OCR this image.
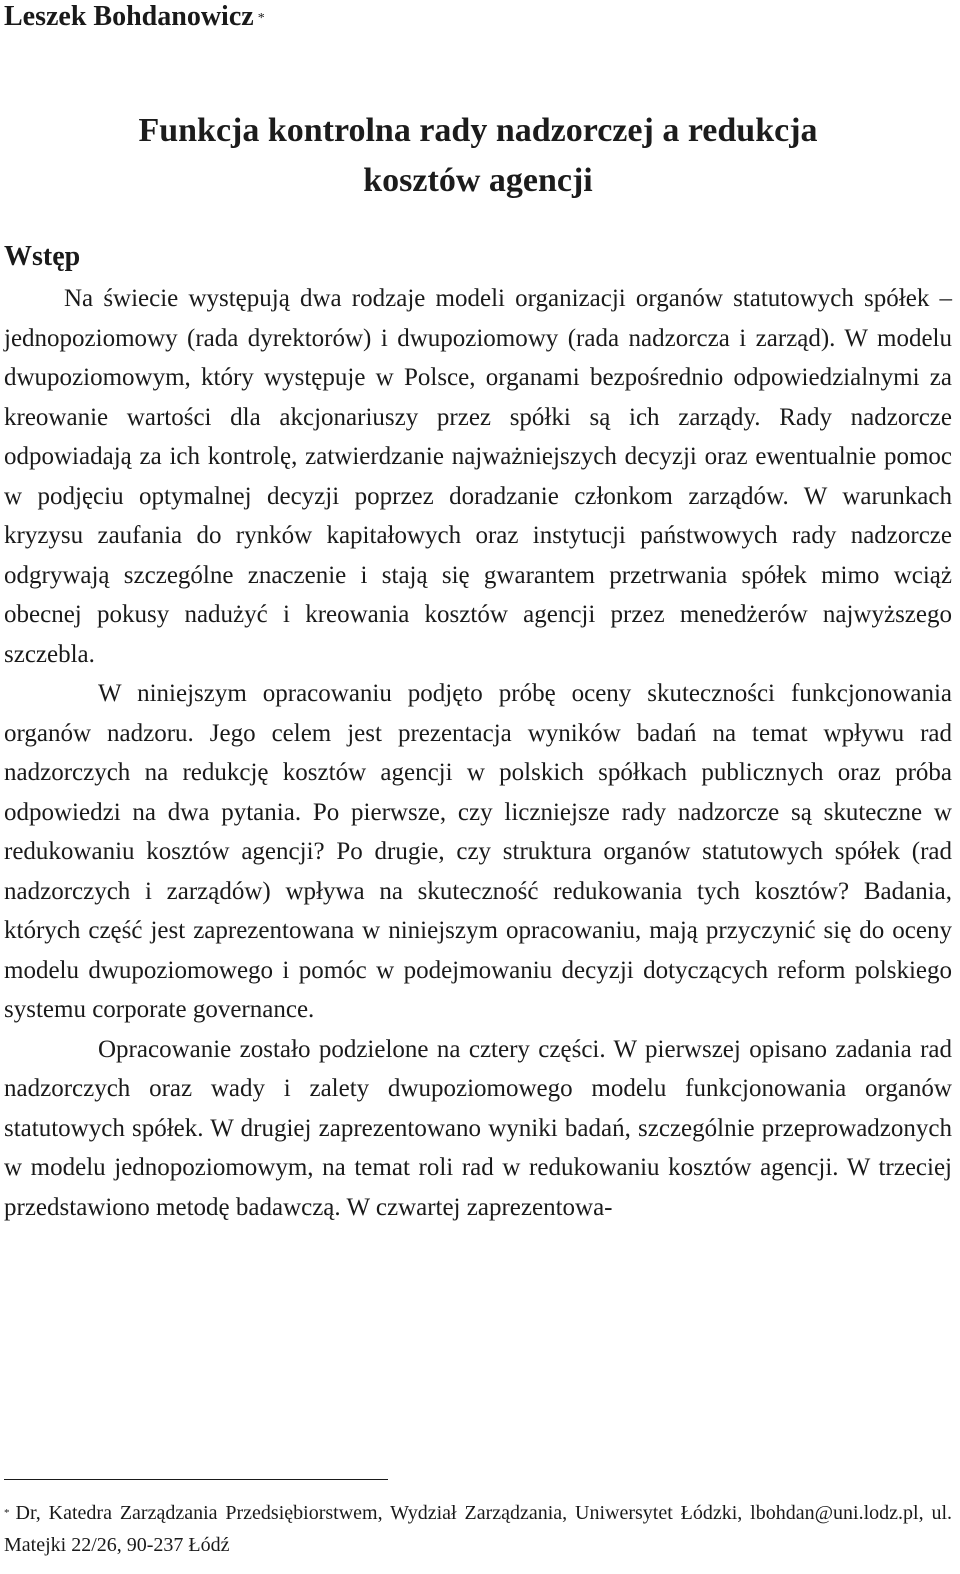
Leszek Bohdanowicz *
Funkcja kontrolna rady nadzorczej a redukcja
kosztów agencji
Wstęp

Na świecie występują dwa rodzaje modeli organizacji organów statutowych spółek – jednopoziomowy (rada dyrektorów) i dwupoziomowy (rada nadzorcza i zarząd). W modelu dwupoziomowym, który występuje w Polsce, organami bezpośrednio odpowiedzialnymi za kreowanie wartości dla akcjonariuszy przez spółki są ich zarządy. Rady nadzorcze odpowiadają za ich kontrolę, zatwierdzanie najważniejszych decyzji oraz ewentualnie pomoc w podjęciu optymalnej decyzji poprzez doradzanie członkom zarządów. W warunkach kryzysu zaufania do rynków kapitałowych oraz instytucji państwowych rady nadzorcze odgrywają szczególne znaczenie i stają się gwarantem przetrwania spółek mimo wciąż obecnej pokusy nadużyć i kreowania kosztów agencji przez menedżerów najwyższego szczebla.

W niniejszym opracowaniu podjęto próbę oceny skuteczności funkcjonowania organów nadzoru. Jego celem jest prezentacja wyników badań na temat wpływu rad nadzorczych na redukcję kosztów agencji w polskich spółkach publicznych oraz próba odpowiedzi na dwa pytania. Po pierwsze, czy liczniejsze rady nadzorcze są skuteczne w redukowaniu kosztów agencji? Po drugie, czy struktura organów statutowych spółek (rad nadzorczych i zarządów) wpływa na skuteczność redukowania tych kosztów? Badania, których część jest zaprezentowana w niniejszym opracowaniu, mają przyczynić się do oceny modelu dwupoziomowego i pomóc w podejmowaniu decyzji dotyczących reform polskiego systemu corporate governance.

Opracowanie zostało podzielone na cztery części. W pierwszej opisano zadania rad nadzorczych oraz wady i zalety dwupoziomowego modelu funkcjonowania organów statutowych spółek. W drugiej zaprezentowano wyniki badań, szczególnie przeprowadzonych w modelu jednopoziomowym, na temat roli rad w redukowaniu kosztów agencji. W trzeciej przedstawiono metodę badawczą. W czwartej zaprezentowa-

* Dr, Katedra Zarządzania Przedsiębiorstwem, Wydział Zarządzania, Uniwersytet Łódzki, lbohdan@uni.lodz.pl, ul. Matejki 22/26, 90-237 Łódź
